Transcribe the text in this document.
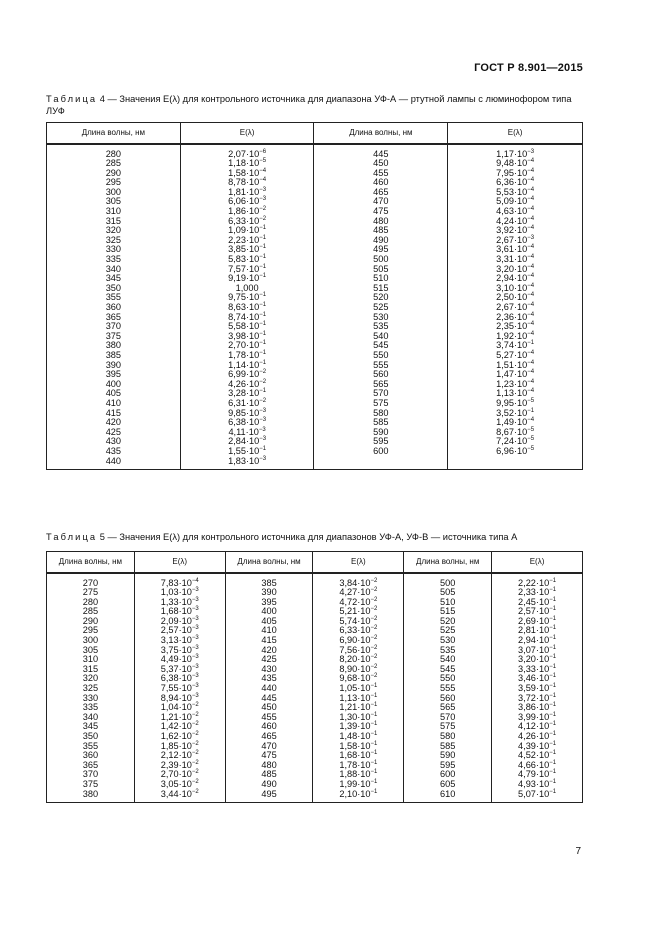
ГОСТ Р 8.901—2015
Таблица 4 — Значения E(λ) для контрольного источника для диапазона УФ-А — ртутной лампы с люминофором типа ЛУФ
Длина волны, нм	E(λ)	Длина волны, нм	E(λ)
280	$2,07\cdot 10^{-6}$	445	$1,17\cdot 10^{-3}$
285	$1,18\cdot 10^{-5}$	450	$9,48\cdot 10^{-4}$
290	$1,58\cdot 10^{-4}$	455	$7,95\cdot 10^{-4}$
295	$8,78\cdot 10^{-4}$	460	$6,36\cdot 10^{-4}$
300	$1,81\cdot 10^{-3}$	465	$5,53\cdot 10^{-4}$
305	$6,06\cdot 10^{-3}$	470	$5,09\cdot 10^{-4}$
310	$1,86\cdot 10^{-2}$	475	$4,63\cdot 10^{-4}$
315	$6,33\cdot 10^{-2}$	480	$4,24\cdot 10^{-4}$
320	$1,09\cdot 10^{-1}$	485	$3,92\cdot 10^{-4}$
325	$2,23\cdot 10^{-1}$	490	$2,67\cdot 10^{-3}$
330	$3,85\cdot 10^{-1}$	495	$3,61\cdot 10^{-4}$
335	$5,83\cdot 10^{-1}$	500	$3,31\cdot 10^{-4}$
340	$7,57\cdot 10^{-1}$	505	$3,20\cdot 10^{-4}$
345	$9,19\cdot 10^{-1}$	510	$2,94\cdot 10^{-4}$
350	1,000	515	$3,10\cdot 10^{-4}$
355	$9,75\cdot 10^{-1}$	520	$2,50\cdot 10^{-4}$
360	$8,63\cdot 10^{-1}$	525	$2,67\cdot 10^{-4}$
365	$8,74\cdot 10^{-1}$	530	$2,36\cdot 10^{-4}$
370	$5,58\cdot 10^{-1}$	535	$2,35\cdot 10^{-4}$
375	$3,98\cdot 10^{-1}$	540	$1,92\cdot 10^{-4}$
380	$2,70\cdot 10^{-1}$	545	$3,74\cdot 10^{-1}$
385	$1,78\cdot 10^{-1}$	550	$5,27\cdot 10^{-4}$
390	$1,14\cdot 10^{-1}$	555	$1,51\cdot 10^{-4}$
395	$6,99\cdot 10^{-2}$	560	$1,47\cdot 10^{-4}$
400	$4,26\cdot 10^{-2}$	565	$1,23\cdot 10^{-4}$
405	$3,28\cdot 10^{-1}$	570	$1,13\cdot 10^{-4}$
410	$6,31\cdot 10^{-2}$	575	$9,95\cdot 10^{-5}$
415	$9,85\cdot 10^{-3}$	580	$3,52\cdot 10^{-1}$
420	$6,38\cdot 10^{-3}$	585	$1,49\cdot 10^{-4}$
425	$4,11\cdot 10^{-3}$	590	$8,67\cdot 10^{-5}$
430	$2,84\cdot 10^{-3}$	595	$7,24\cdot 10^{-5}$
435	$1,55\cdot 10^{-1}$	600	$6,96\cdot 10^{-5}$
440	$1,83\cdot 10^{-3}$		
Таблица 5 — Значения E(λ) для контрольного источника для диапазонов УФ-А, УФ-В — источника типа А
Длина волны, нм	E(λ)	Длина волны, нм	E(λ)	Длина волны, нм	E(λ)
270	$7,83\cdot 10^{-4}$	385	$3,84\cdot 10^{-2}$	500	$2,22\cdot 10^{-1}$
275	$1,03\cdot 10^{-3}$	390	$4,27\cdot 10^{-2}$	505	$2,33\cdot 10^{-1}$
280	$1,33\cdot 10^{-3}$	395	$4,72\cdot 10^{-2}$	510	$2,45\cdot 10^{-1}$
285	$1,68\cdot 10^{-3}$	400	$5,21\cdot 10^{-2}$	515	$2,57\cdot 10^{-1}$
290	$2,09\cdot 10^{-3}$	405	$5,74\cdot 10^{-2}$	520	$2,69\cdot 10^{-1}$
295	$2,57\cdot 10^{-3}$	410	$6,33\cdot 10^{-2}$	525	$2,81\cdot 10^{-1}$
300	$3,13\cdot 10^{-3}$	415	$6,90\cdot 10^{-2}$	530	$2,94\cdot 10^{-1}$
305	$3,75\cdot 10^{-3}$	420	$7,56\cdot 10^{-2}$	535	$3,07\cdot 10^{-1}$
310	$4,49\cdot 10^{-3}$	425	$8,20\cdot 10^{-2}$	540	$3,20\cdot 10^{-1}$
315	$5,37\cdot 10^{-3}$	430	$8,90\cdot 10^{-2}$	545	$3,33\cdot 10^{-1}$
320	$6,38\cdot 10^{-3}$	435	$9,68\cdot 10^{-2}$	550	$3,46\cdot 10^{-1}$
325	$7,55\cdot 10^{-3}$	440	$1,05\cdot 10^{-1}$	555	$3,59\cdot 10^{-1}$
330	$8,94\cdot 10^{-3}$	445	$1,13\cdot 10^{-1}$	560	$3,72\cdot 10^{-1}$
335	$1,04\cdot 10^{-2}$	450	$1,21\cdot 10^{-1}$	565	$3,86\cdot 10^{-1}$
340	$1,21\cdot 10^{-2}$	455	$1,30\cdot 10^{-1}$	570	$3,99\cdot 10^{-1}$
345	$1,42\cdot 10^{-2}$	460	$1,39\cdot 10^{-1}$	575	$4,12\cdot 10^{-1}$
350	$1,62\cdot 10^{-2}$	465	$1,48\cdot 10^{-1}$	580	$4,26\cdot 10^{-1}$
355	$1,85\cdot 10^{-2}$	470	$1,58\cdot 10^{-1}$	585	$4,39\cdot 10^{-1}$
360	$2,12\cdot 10^{-2}$	475	$1,68\cdot 10^{-1}$	590	$4,52\cdot 10^{-1}$
365	$2,39\cdot 10^{-2}$	480	$1,78\cdot 10^{-1}$	595	$4,66\cdot 10^{-1}$
370	$2,70\cdot 10^{-2}$	485	$1,88\cdot 10^{-1}$	600	$4,79\cdot 10^{-1}$
375	$3,05\cdot 10^{-2}$	490	$1,99\cdot 10^{-1}$	605	$4,93\cdot 10^{-1}$
380	$3,44\cdot 10^{-2}$	495	$2,10\cdot 10^{-1}$	610	$5,07\cdot 10^{-1}$
7
